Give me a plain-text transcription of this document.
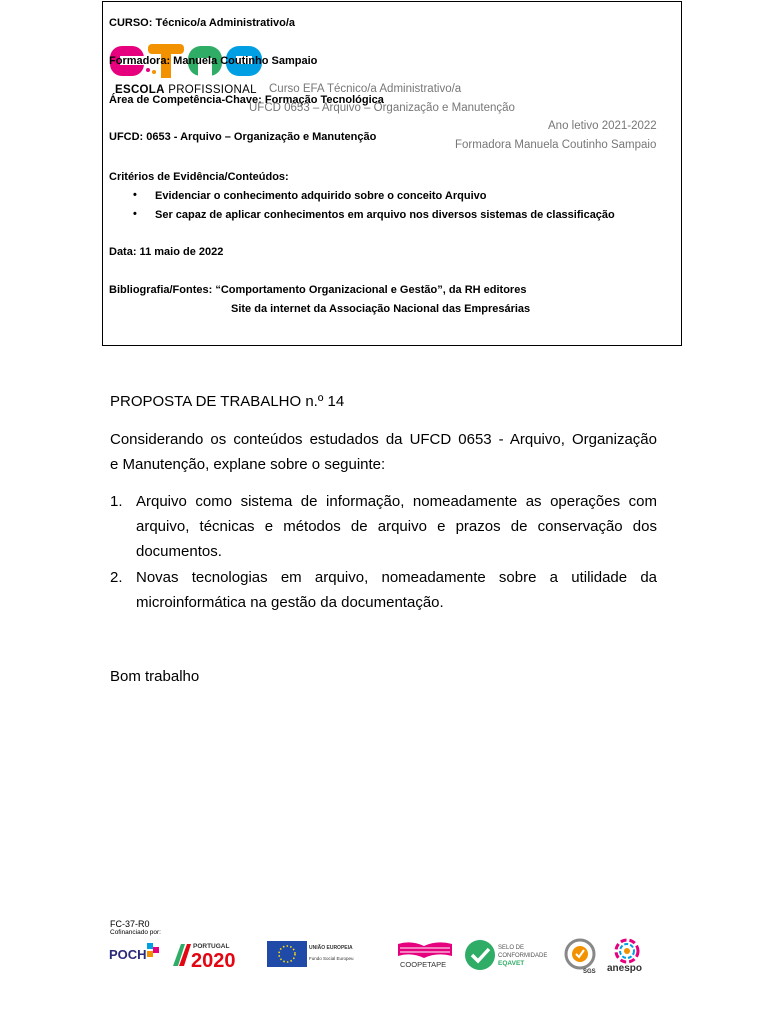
ESCOLA PROFISSIONAL
CURSO: Técnico/a Administrativo/a
Formadora: Manuela Coutinho Sampaio
Área de Competência-Chave: Formação Tecnológica
UFCD: 0653 - Arquivo – Organização e Manutenção
Curso EFA Técnico/a Administrativo/a
UFCD 0653 – Arquivo – Organização e Manutenção
Ano letivo 2021-2022
Formadora Manuela Coutinho Sampaio
Critérios de Evidência/Conteúdos:
• Evidenciar o conhecimento adquirido sobre o conceito Arquivo
• Ser capaz de aplicar conhecimentos em arquivo nos diversos sistemas de classificação
Data: 11 maio de 2022
Bibliografia/Fontes: “Comportamento Organizacional e Gestão”, da RH editores
Site da internet da Associação Nacional das Empresárias
PROPOSTA DE TRABALHO n.º 14
Considerando os conteúdos estudados da UFCD 0653 - Arquivo, Organização
e Manutenção, explane sobre o seguinte:
1. Arquivo como sistema de informação, nomeadamente as operações com
arquivo, técnicas e métodos de arquivo e prazos de conservação dos
documentos.
2. Novas tecnologias em arquivo, nomeadamente sobre a utilidade da
microinformática na gestão da documentação.
Bom trabalho
FC-37-R0
Cofinanciado por:
POCH
PORTUGAL
2020
UNIÃO EUROPEIA
Fundo Social Europeu
COOPETAPE
SELO DE
CONFORMIDADE
EQAVET
SGS anespo
